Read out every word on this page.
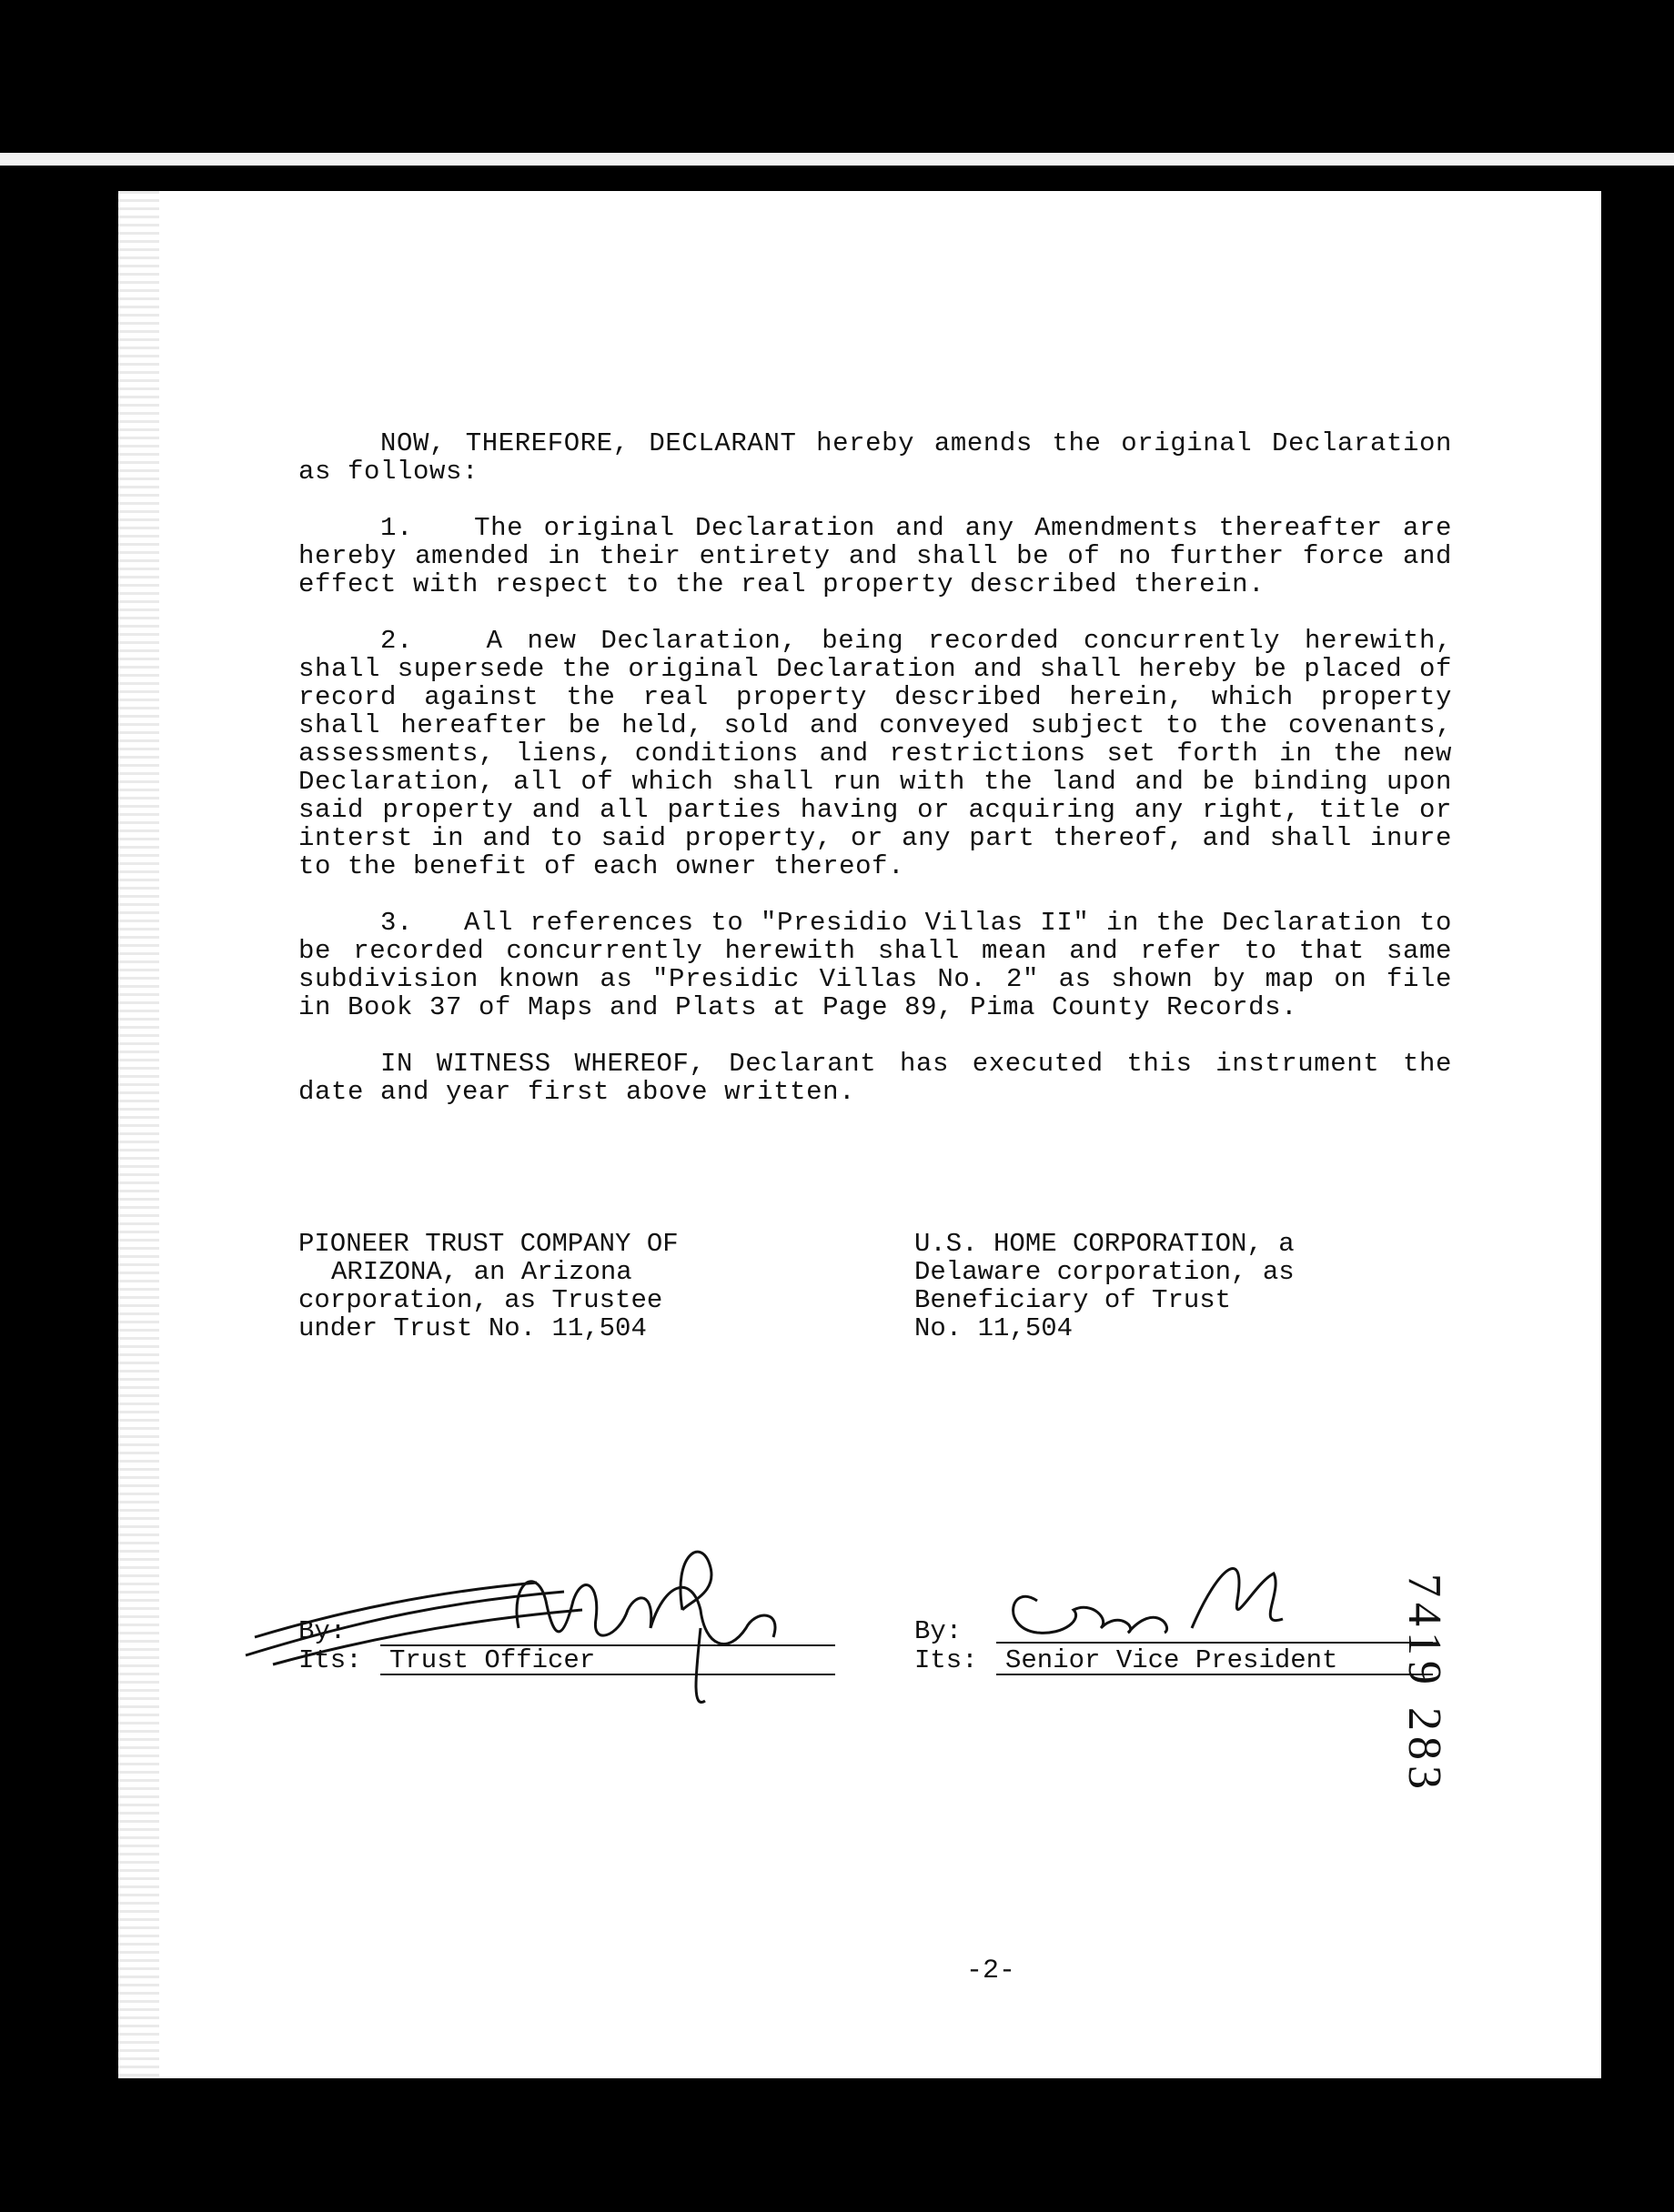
NOW, THEREFORE, DECLARANT hereby amends the original Declaration as follows:

1. The original Declaration and any Amendments thereafter are hereby amended in their entirety and shall be of no further force and effect with respect to the real property described therein.

2.	A new Declaration, being recorded concurrently herewith, shall supersede the original Declaration and shall hereby be placed of record against the real property described herein, which property shall hereafter be held, sold and conveyed subject to the covenants, assessments, liens, conditions and restrictions set forth in the new Declaration, all of which shall run with the land and be binding upon said property and all parties having or acquiring any right, title or interst in and to said property, or any part thereof, and shall inure to the benefit of each owner thereof.

3. All references to "Presidio Villas II" in the Declaration to be recorded concurrently herewith shall mean and refer to that same subdivision known as "Presidic Villas No. 2" as shown by map on file in Book 37 of Maps and Plats at Page 89, Pima County Records.

IN WITNESS WHEREOF, Declarant has executed this instrument the date and year first above written.

PIONEER TRUST COMPANY OF
ARIZONA, an Arizona
corporation, as Trustee
under Trust No. 11,504
By:
Its: Trust Officer
U.S. HOME CORPORATION, a
Delaware corporation, as
Beneficiary of Trust
No. 11,504
By:
Its: Senior Vice President	7419 283
-2-
